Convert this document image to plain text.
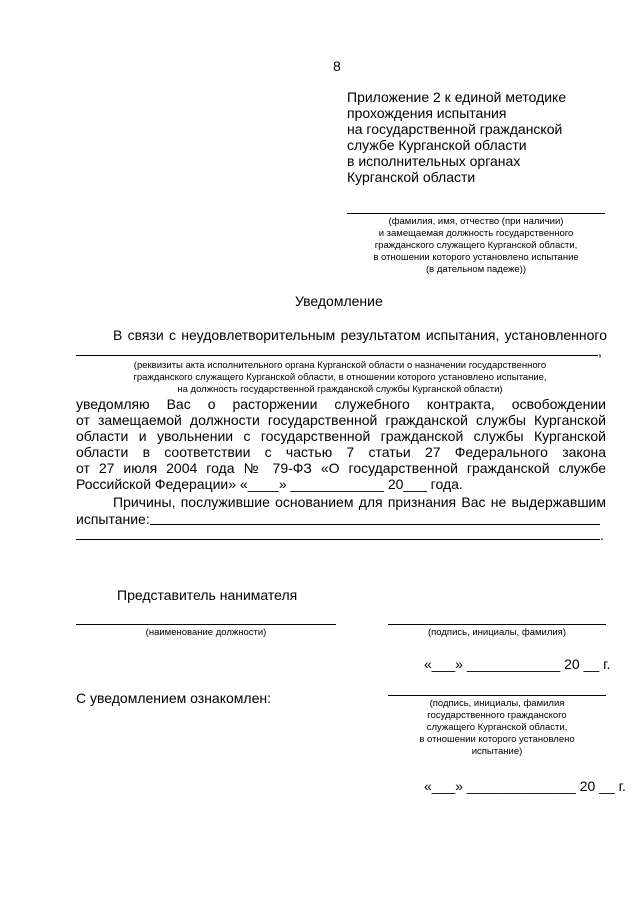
8

Приложение 2 к единой методике
прохождения испытания
на государственной гражданской
службе Курганской области
в исполнительных органах
Курганской области
(фамилия, имя, отчество (при наличии)
и замещаемая должность государственного
гражданского служащего Курганской области,
в отношении которого установлено испытание
(в дательном падеже))

Уведомление

В связи с неудовлетворительным результатом испытания, установленного
,
(реквизиты акта исполнительного органа Курганской области о назначении государственного
гражданского служащего Курганской области, в отношении которого установлено испытание,
на должность государственной гражданской службы Курганской области)
уведомляю Вас о расторжении служебного контракта, освобождении
от замещаемой должности государственной гражданской службы Курганской
области и увольнении с государственной гражданской службы Курганской
области в соответствии с частью 7 статьи 27 Федерального закона
от 27 июля 2004 года № 79-ФЗ «О государственной гражданской службе
Российской Федерации» «____» ____________ 20___ года.
Причины, послужившие основанием для признания Вас не выдержавшим
испытание:
.

Представитель нанимателя

(наименование должности)	(подпись, инициалы, фамилия)

«___» ____________ 20 __ г.

С уведомлением ознакомлен:	(подпись, инициалы, фамилия
государственного гражданского
служащего Курганской области,
в отношении которого установлено
испытание)

«___» ______________ 20 __ г.
